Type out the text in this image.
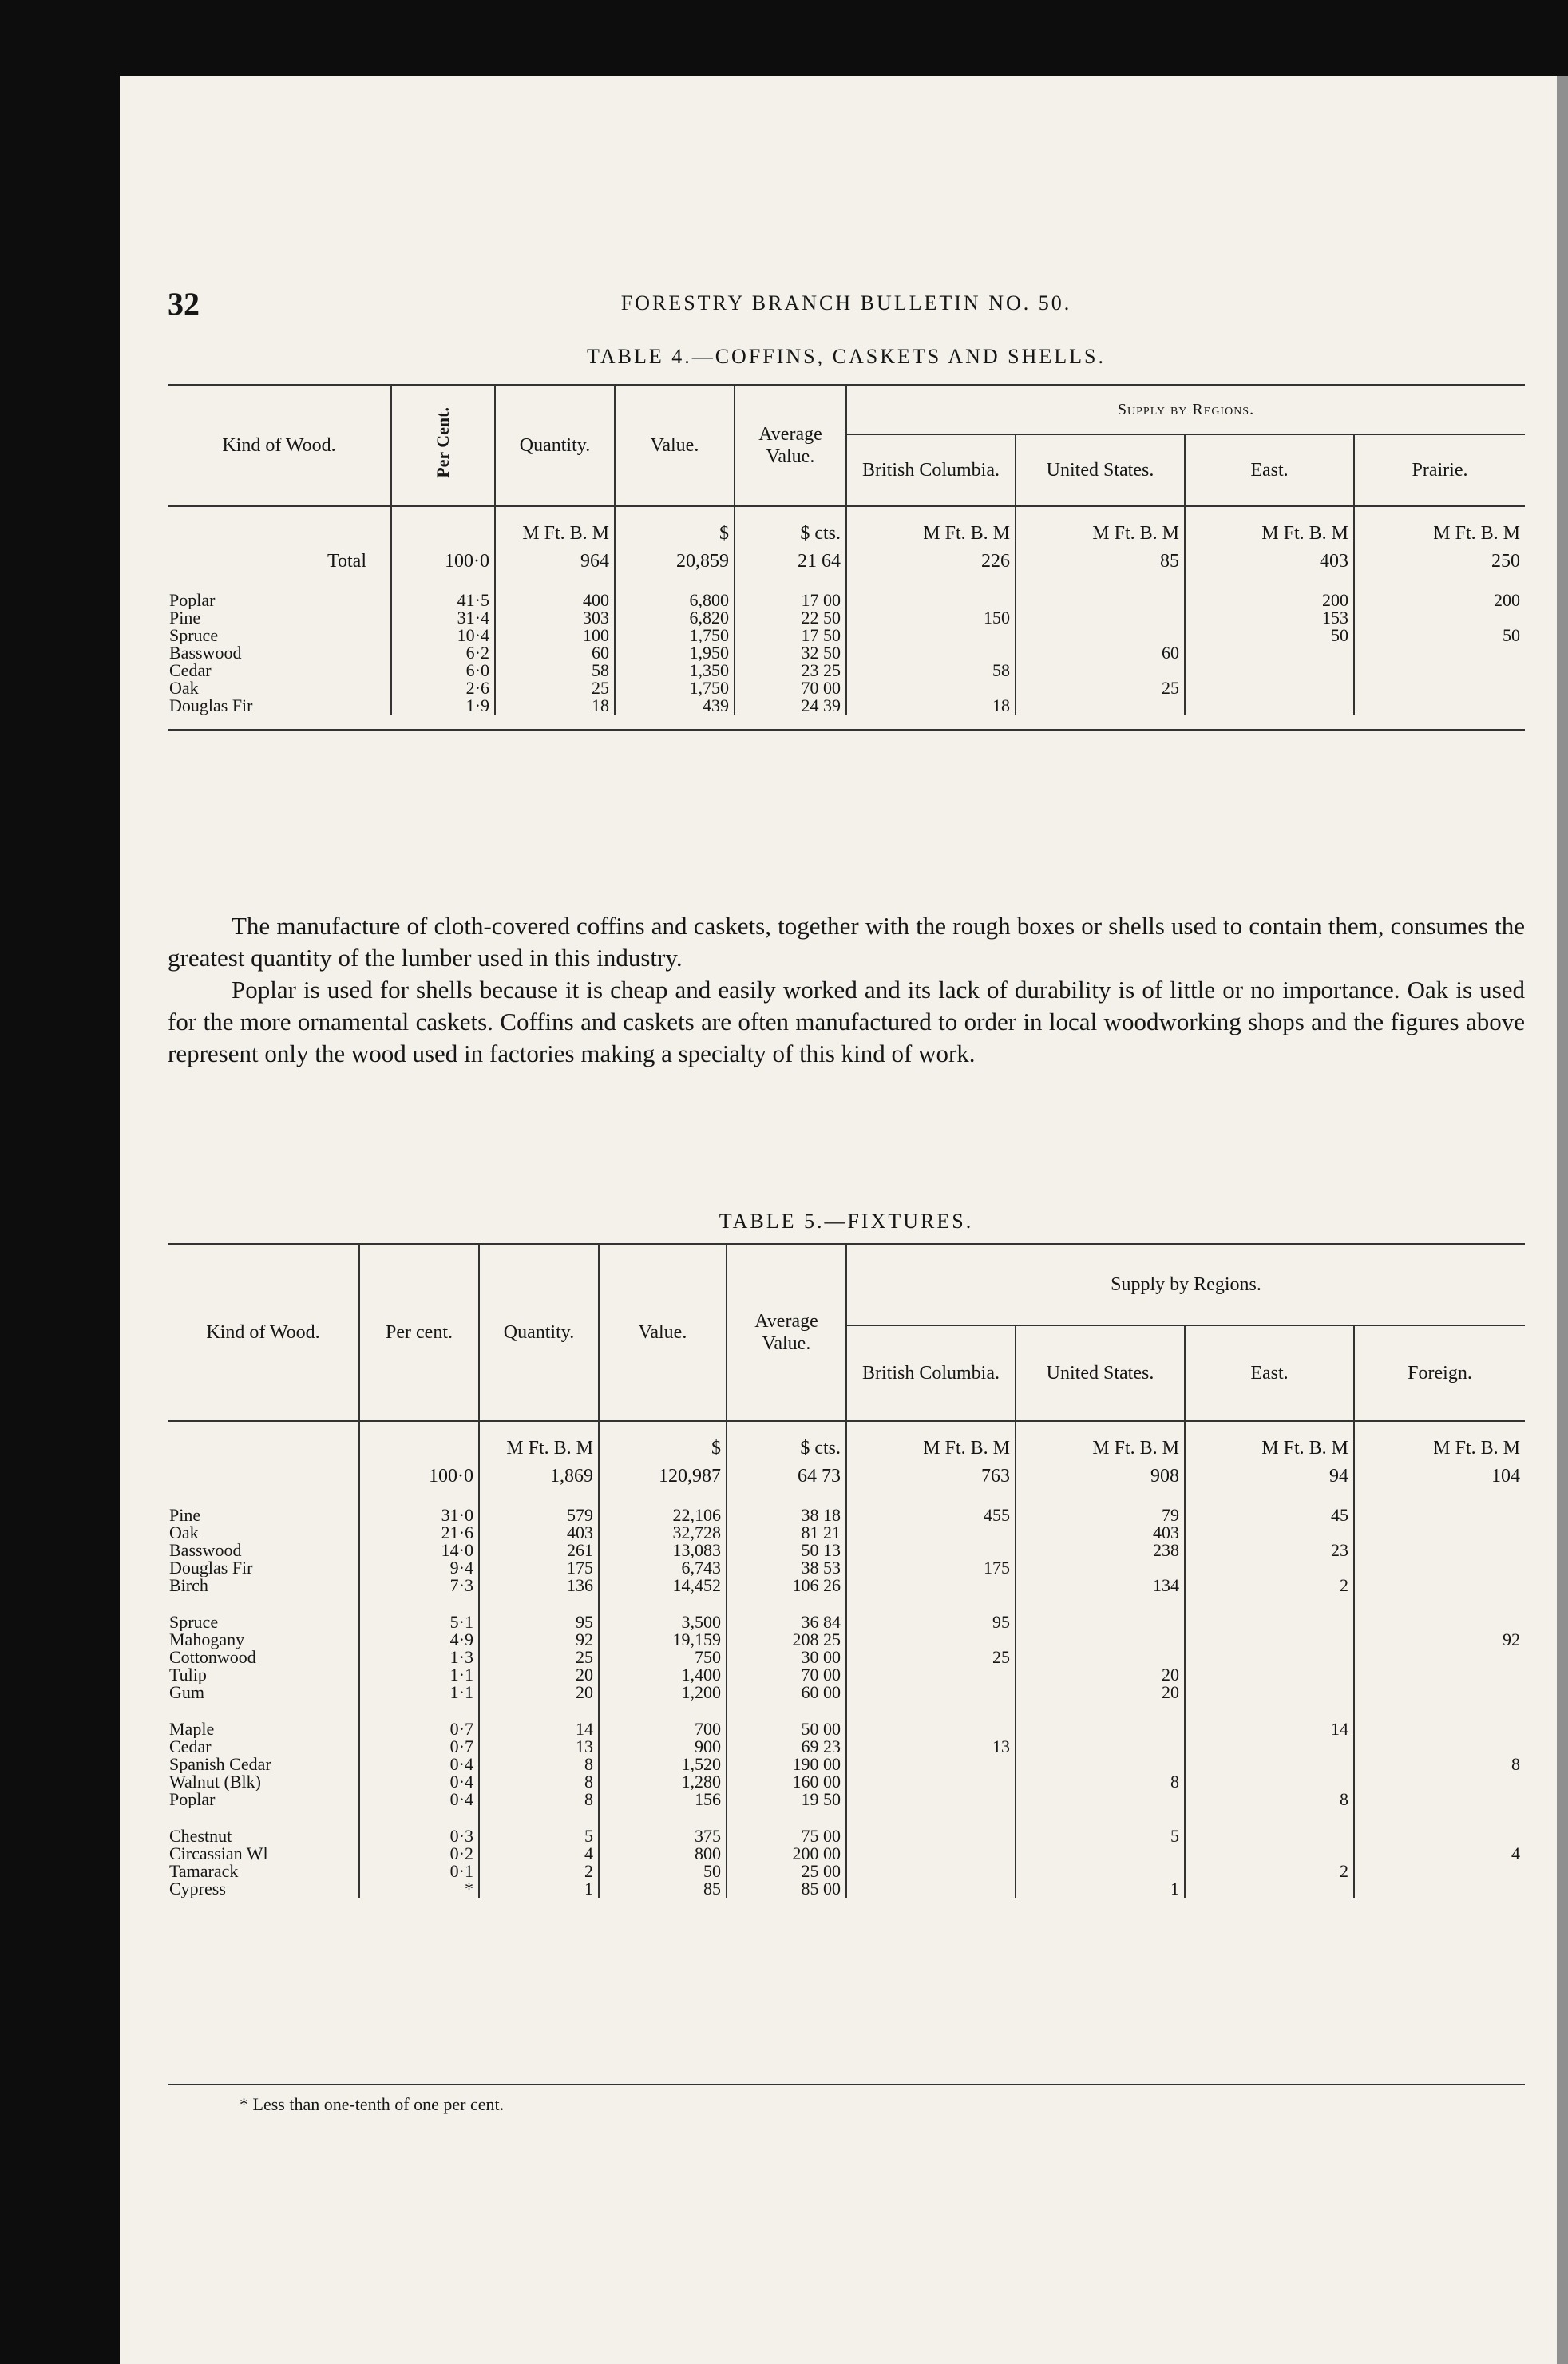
32	FORESTRY BRANCH BULLETIN NO. 50.
TABLE 4.—COFFINS, CASKETS AND SHELLS.
Kind of Wood.	Per Cent.	Quantity.	Value.	Average Value.	Supply by Regions.			
					British Columbia.	United States.	East.	Prairie.
		M Ft. B. M	$	$ cts.	M Ft. B. M	M Ft. B. M	M Ft. B. M	M Ft. B. M
Total	100·0	964	20,859	21 64	226	85	403	250
Poplar	41·5	400	6,800	17 00			200	200
Pine	31·4	303	6,820	22 50	150		153	
Spruce	10·4	100	1,750	17 50			50	50
Basswood	6·2	60	1,950	32 50		60		
Cedar	6·0	58	1,350	23 25	58			
Oak	2·6	25	1,750	70 00		25		
Douglas Fir	1·9	18	439	24 39	18			

The manufacture of cloth-covered coffins and caskets, together with the rough boxes or shells used to contain them, consumes the greatest quantity of the lumber used in this industry.

Poplar is used for shells because it is cheap and easily worked and its lack of durability is of little or no importance. Oak is used for the more ornamental caskets. Coffins and caskets are often manufactured to order in local woodworking shops and the figures above represent only the wood used in factories making a specialty of this kind of work.

TABLE 5.—FIXTURES.
Kind of Wood.	Per cent.	Quantity.	Value.	Average Value.	Supply by Regions.			
					British Columbia.	United States.	East.	Foreign.
		M Ft. B. M	$	$ cts.	M Ft. B. M	M Ft. B. M	M Ft. B. M	M Ft. B. M
	100·0	1,869	120,987	64 73	763	908	94	104
Pine	31·0	579	22,106	38 18	455	79	45	
Oak	21·6	403	32,728	81 21		403		
Basswood	14·0	261	13,083	50 13		238	23	
Douglas Fir	9·4	175	6,743	38 53	175			
Birch	7·3	136	14,452	106 26		134	2	
Spruce	5·1	95	3,500	36 84	95			
Mahogany	4·9	92	19,159	208 25				92
Cottonwood	1·3	25	750	30 00	25			
Tulip	1·1	20	1,400	70 00		20		
Gum	1·1	20	1,200	60 00		20		
Maple	0·7	14	700	50 00			14	
Cedar	0·7	13	900	69 23	13			
Spanish Cedar	0·4	8	1,520	190 00				8
Walnut (Blk)	0·4	8	1,280	160 00		8		
Poplar	0·4	8	156	19 50			8	
Chestnut	0·3	5	375	75 00		5		
Circassian Wl	0·2	4	800	200 00				4
Tamarack	0·1	2	50	25 00			2	
Cypress	*	1	85	85 00		1		
* Less than one-tenth of one per cent.
